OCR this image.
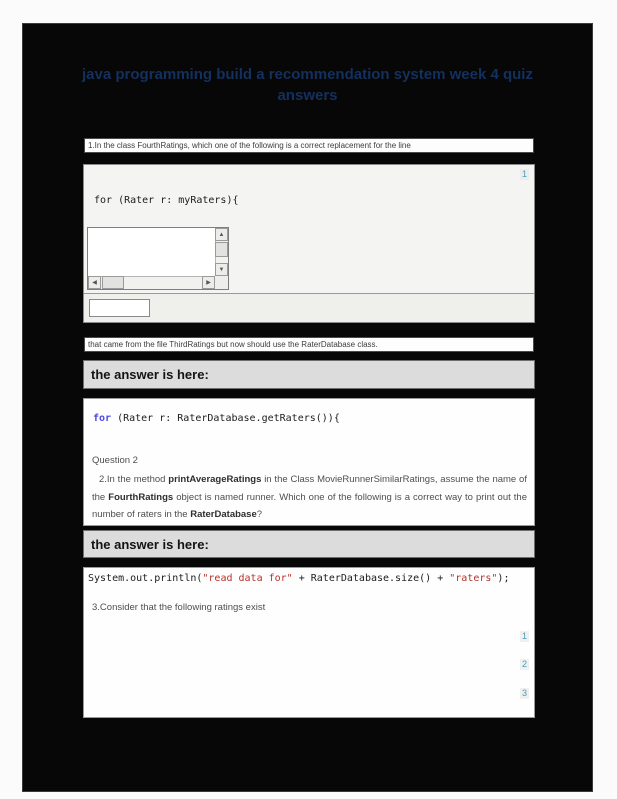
java programming build a recommendation system week 4 quiz
answers
1.In the class FourthRatings, which one of the following is a correct replacement for the line
1
for (Rater r: myRaters){
▲
▼
◀	▶
that came from the file ThirdRatings but now should use the RaterDatabase class.
the answer is here:
for (Rater r: RaterDatabase.getRaters()){
Question 2
2.In the method printAverageRatings in the Class MovieRunnerSimilarRatings, assume the name of the FourthRatings object is named runner. Which one of the following is a correct way to print out the number of raters in the RaterDatabase?
the answer is here:
System.out.println("read data for" + RaterDatabase.size() + "raters");
3.Consider that the following ratings exist
1
2
3
